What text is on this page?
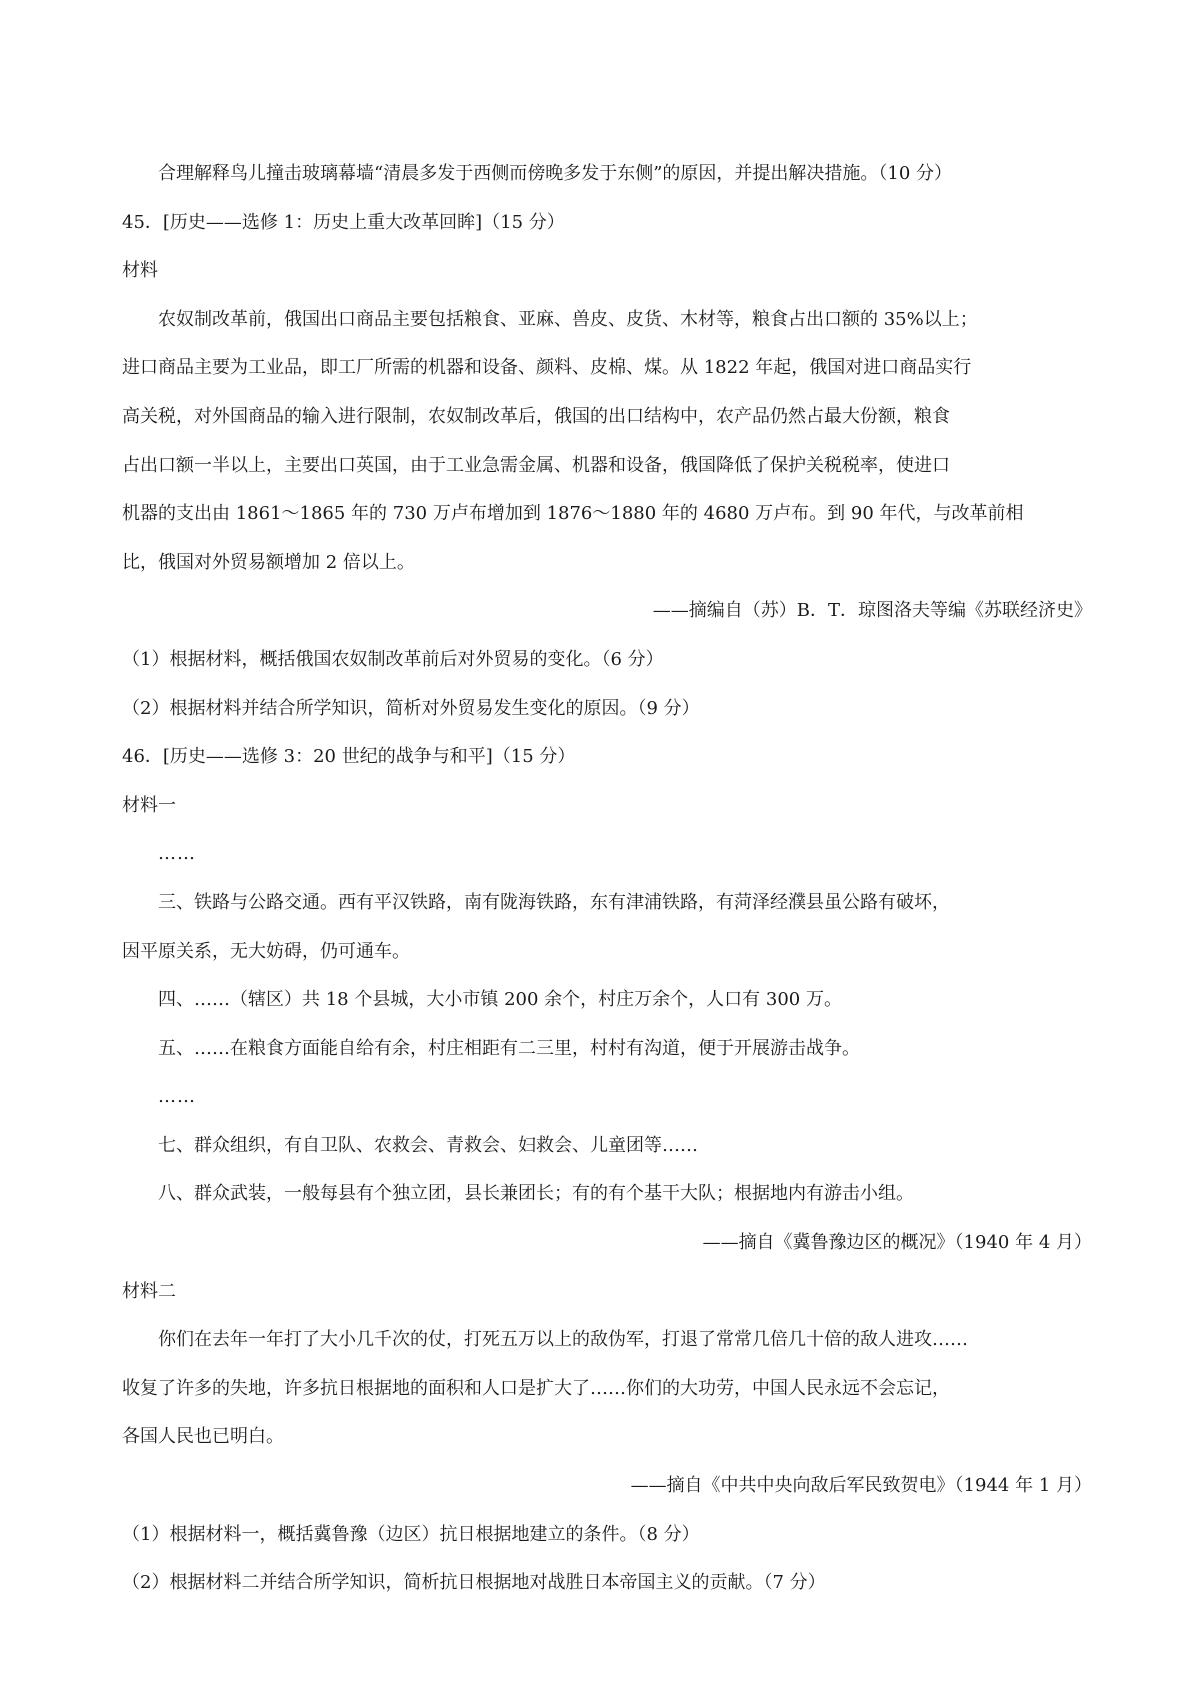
合理解释鸟儿撞击玻璃幕墙“清晨多发于西侧而傍晚多发于东侧”的原因，并提出解决措施。（10 分）
45．[历史——选修 1：历史上重大改革回眸]（15 分）
材料
农奴制改革前，俄国出口商品主要包括粮食、亚麻、兽皮、皮货、木材等，粮食占出口额的 35%以上；
进口商品主要为工业品，即工厂所需的机器和设备、颜料、皮棉、煤。从 1822 年起，俄国对进口商品实行
高关税，对外国商品的输入进行限制，农奴制改革后，俄国的出口结构中，农产品仍然占最大份额，粮食
占出口额一半以上，主要出口英国，由于工业急需金属、机器和设备，俄国降低了保护关税税率，使进口
机器的支出由 1861～1865 年的 730 万卢布增加到 1876～1880 年的 4680 万卢布。到 90 年代，与改革前相
比，俄国对外贸易额增加 2 倍以上。
——摘编自（苏）B．T．琼图洛夫等编《苏联经济史》
（1）根据材料，概括俄国农奴制改革前后对外贸易的变化。（6 分）
（2）根据材料并结合所学知识，简析对外贸易发生变化的原因。（9 分）
46．[历史——选修 3：20 世纪的战争与和平]（15 分）
材料一
……
三、铁路与公路交通。西有平汉铁路，南有陇海铁路，东有津浦铁路，有菏泽经濮县虽公路有破坏，
因平原关系，无大妨碍，仍可通车。
四、……（辖区）共 18 个县城，大小市镇 200 余个，村庄万余个，人口有 300 万。
五、……在粮食方面能自给有余，村庄相距有二三里，村村有沟道，便于开展游击战争。
……
七、群众组织，有自卫队、农救会、青救会、妇救会、儿童团等……
八、群众武装，一般每县有个独立团，县长兼团长；有的有个基干大队；根据地内有游击小组。
——摘自《冀鲁豫边区的概况》（1940 年 4 月）
材料二
你们在去年一年打了大小几千次的仗，打死五万以上的敌伪军，打退了常常几倍几十倍的敌人进攻……
收复了许多的失地，许多抗日根据地的面积和人口是扩大了……你们的大功劳，中国人民永远不会忘记，
各国人民也已明白。
——摘自《中共中央向敌后军民致贺电》（1944 年 1 月）
（1）根据材料一，概括冀鲁豫（边区）抗日根据地建立的条件。（8 分）
（2）根据材料二并结合所学知识，简析抗日根据地对战胜日本帝国主义的贡献。（7 分）
